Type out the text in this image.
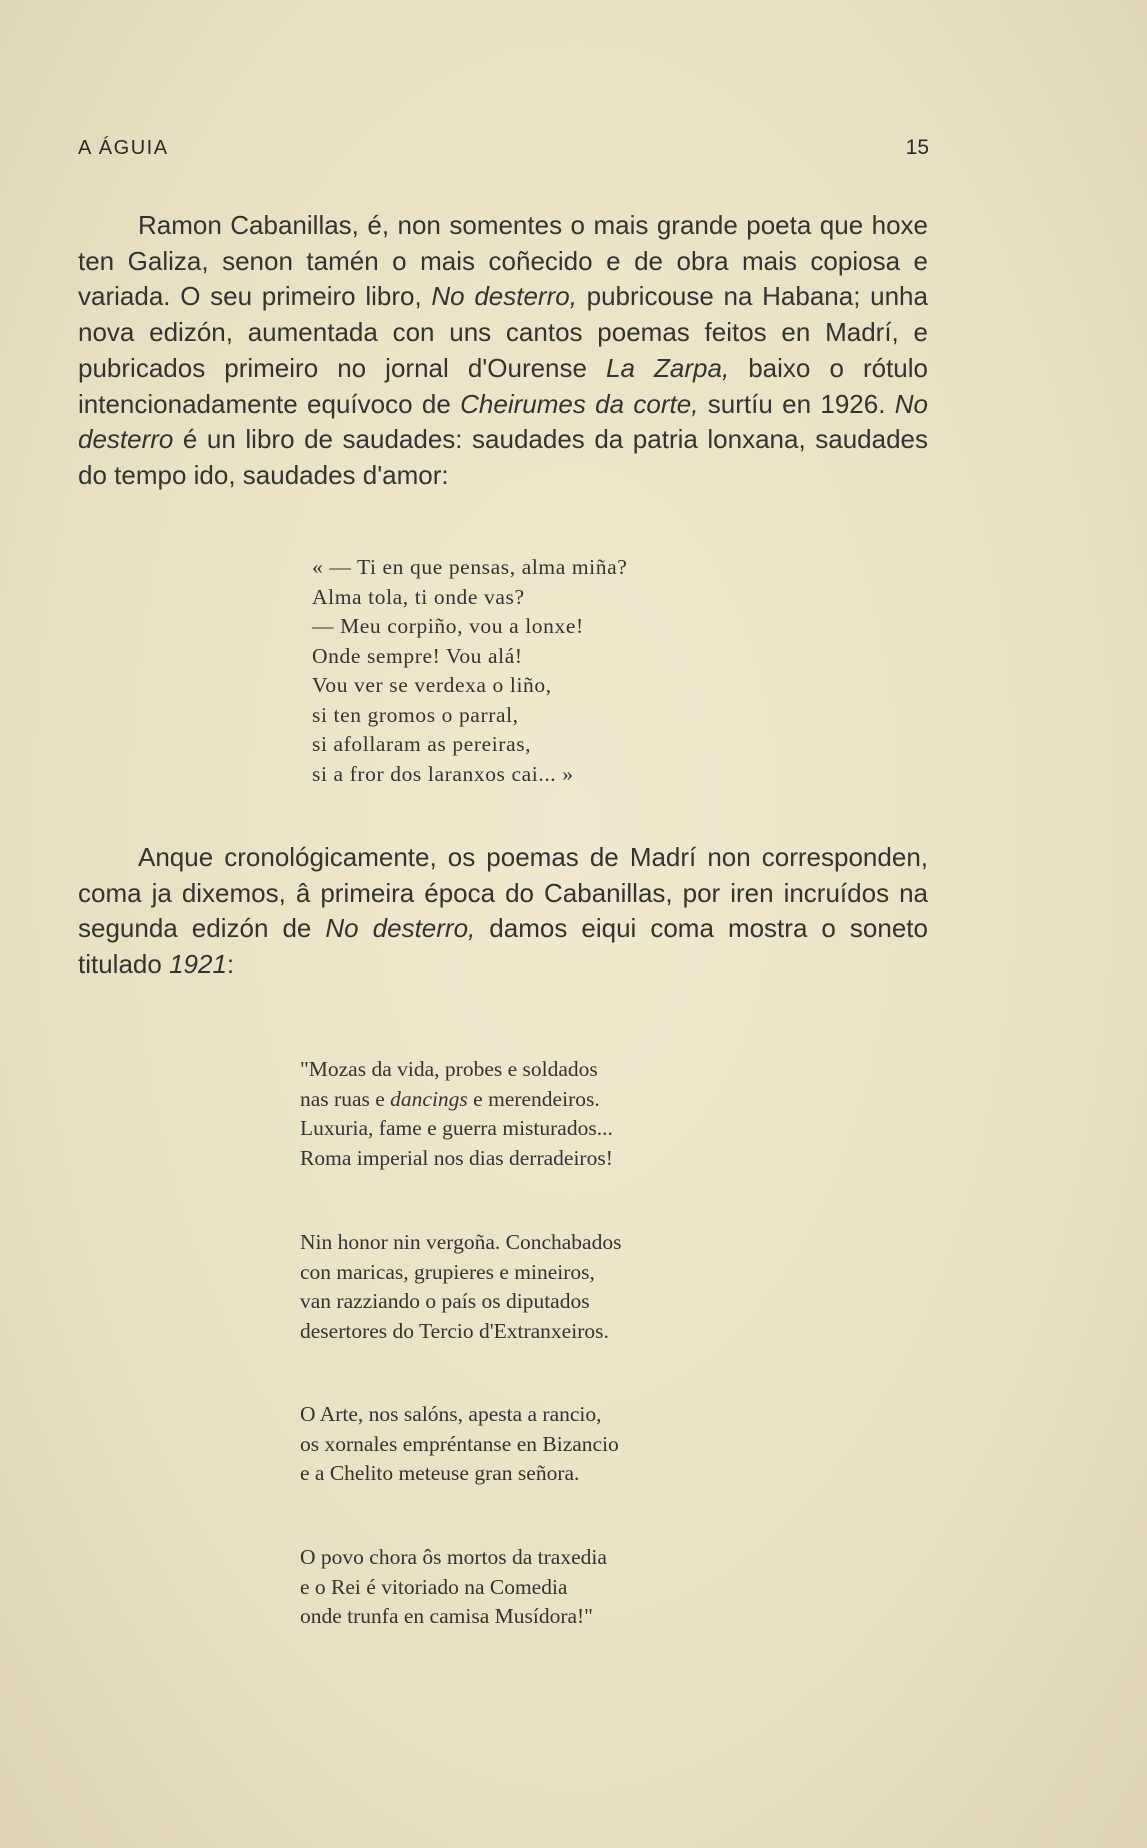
A ÁGUIA	15

Ramon Cabanillas, é, non somentes o mais grande poeta que hoxe ten Galiza, senon tamén o mais coñecido e de obra mais copiosa e variada. O seu primeiro libro, No desterro, pubricouse na Habana; unha nova edizón, aumentada con uns cantos poemas feitos en Madrí, e pubricados primeiro no jornal d'Ourense La Zarpa, baixo o rótulo intencionadamente equívoco de Cheirumes da corte, surtíu en 1926. No desterro é un libro de saudades: saudades da patria lonxana, saudades do tempo ido, saudades d'amor:

« — Ti en que pensas, alma miña?
Alma tola, ti onde vas?
— Meu corpiño, vou a lonxe!
Onde sempre! Vou alá!
Vou ver se verdexa o liño,
si ten gromos o parral,
si afollaram as pereiras,
si a fror dos laranxos cai... »

Anque cronológicamente, os poemas de Madrí non corresponden, coma ja dixemos, â primeira época do Cabanillas, por iren incruídos na segunda edizón de No desterro, damos eiqui coma mostra o soneto titulado 1921:

"Mozas da vida, probes e soldados
nas ruas e dancings e merendeiros.
Luxuria, fame e guerra misturados...
Roma imperial nos dias derradeiros!
Nin honor nin vergoña. Conchabados
con maricas, grupieres e mineiros,
van razziando o país os diputados
desertores do Tercio d'Extranxeiros.
O Arte, nos salóns, apesta a rancio,
os xornales empréntanse en Bizancio
e a Chelito meteuse gran señora.
O povo chora ôs mortos da traxedia
e o Rei é vitoriado na Comedia
onde trunfa en camisa Musídora!"
